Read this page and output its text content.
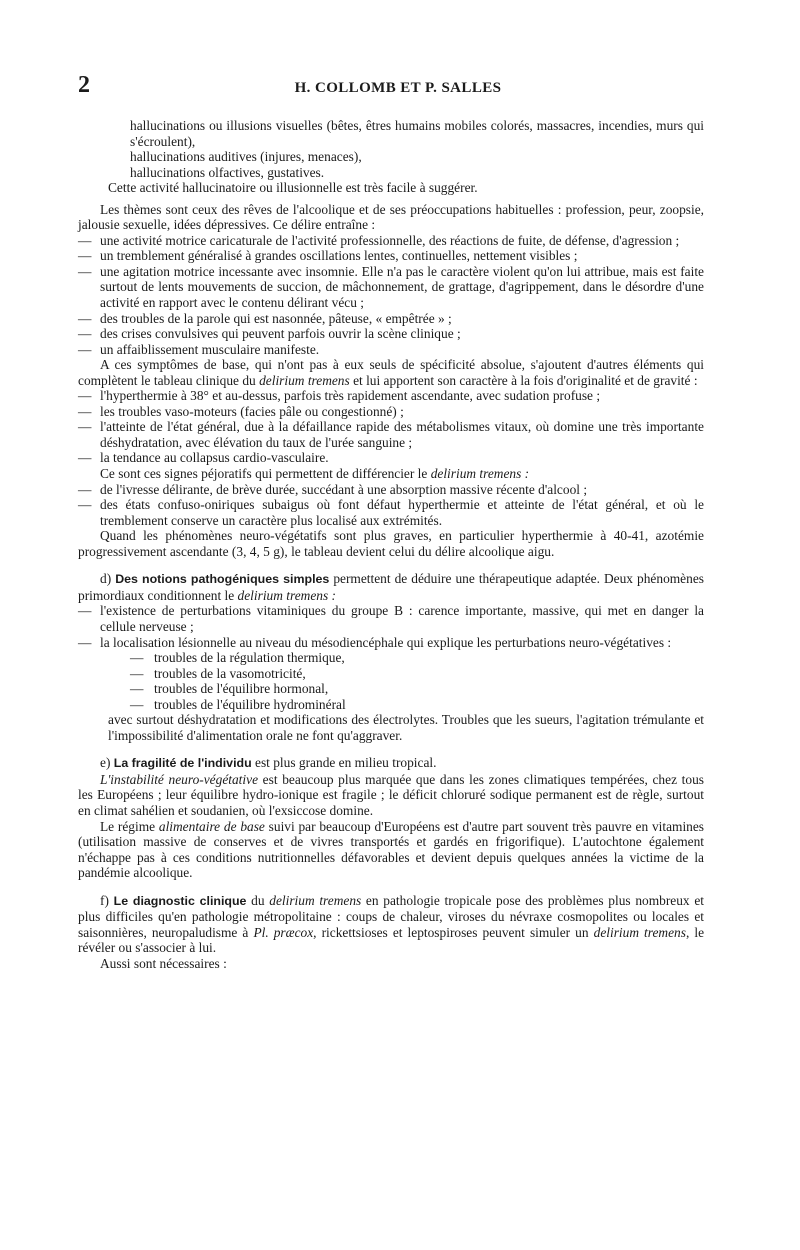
2	H. COLLOMB ET P. SALLES

hallucinations ou illusions visuelles (bêtes, êtres humains mobiles colorés, massacres, incendies, murs qui s'écroulent),

hallucinations auditives (injures, menaces),

hallucinations olfactives, gustatives.

Cette activité hallucinatoire ou illusionnelle est très facile à suggérer.

Les thèmes sont ceux des rêves de l'alcoolique et de ses préoccupations habituelles : profession, peur, zoopsie, jalousie sexuelle, idées dépressives. Ce délire entraîne :

— une activité motrice caricaturale de l'activité professionnelle, des réactions de fuite, de défense, d'agression ;
— un tremblement généralisé à grandes oscillations lentes, continuelles, nettement visibles ;
— une agitation motrice incessante avec insomnie. Elle n'a pas le caractère violent qu'on lui attribue, mais est faite surtout de lents mouvements de succion, de mâchonnement, de grattage, d'agrippement, dans le désordre d'une activité en rapport avec le contenu délirant vécu ;
— des troubles de la parole qui est nasonnée, pâteuse, « empêtrée » ;
— des crises convulsives qui peuvent parfois ouvrir la scène clinique ;
— un affaiblissement musculaire manifeste.

A ces symptômes de base, qui n'ont pas à eux seuls de spécificité absolue, s'ajoutent d'autres éléments qui complètent le tableau clinique du delirium tremens et lui apportent son caractère à la fois d'originalité et de gravité :

— l'hyperthermie à 38° et au-dessus, parfois très rapidement ascendante, avec sudation profuse ;
— les troubles vaso-moteurs (facies pâle ou congestionné) ;
— l'atteinte de l'état général, due à la défaillance rapide des métabolismes vitaux, où domine une très importante déshydratation, avec élévation du taux de l'urée sanguine ;
— la tendance au collapsus cardio-vasculaire.

Ce sont ces signes péjoratifs qui permettent de différencier le delirium tremens :

— de l'ivresse délirante, de brève durée, succédant à une absorption massive récente d'alcool ;
— des états confuso-oniriques subaigus où font défaut hyperthermie et atteinte de l'état général, et où le tremblement conserve un caractère plus localisé aux extrémités.

Quand les phénomènes neuro-végétatifs sont plus graves, en particulier hyperthermie à 40-41, azotémie progressivement ascendante (3, 4, 5 g), le tableau devient celui du délire alcoolique aigu.

d) Des notions pathogéniques simples permettent de déduire une thérapeutique adaptée. Deux phénomènes primordiaux conditionnent le delirium tremens :

— l'existence de perturbations vitaminiques du groupe B : carence importante, massive, qui met en danger la cellule nerveuse ;
— la localisation lésionnelle au niveau du mésodiencéphale qui explique les perturbations neuro-végétatives :
— troubles de la régulation thermique,
— troubles de la vasomotricité,
— troubles de l'équilibre hormonal,
— troubles de l'équilibre hydrominéral

avec surtout déshydratation et modifications des électrolytes. Troubles que les sueurs, l'agitation trémulante et l'impossibilité d'alimentation orale ne font qu'aggraver.

e) La fragilité de l'individu est plus grande en milieu tropical.

L'instabilité neuro-végétative est beaucoup plus marquée que dans les zones climatiques tempérées, chez tous les Européens ; leur équilibre hydro-ionique est fragile ; le déficit chloruré sodique permanent est de règle, surtout en climat sahélien et soudanien, où l'exsiccose domine.

Le régime alimentaire de base suivi par beaucoup d'Européens est d'autre part souvent très pauvre en vitamines (utilisation massive de conserves et de vivres transportés et gardés en frigorifique). L'autochtone également n'échappe pas à ces conditions nutritionnelles défavorables et devient depuis quelques années la victime de la pandémie alcoolique.

f) Le diagnostic clinique du delirium tremens en pathologie tropicale pose des problèmes plus nombreux et plus difficiles qu'en pathologie métropolitaine : coups de chaleur, viroses du névraxe cosmopolites ou locales et saisonnières, neuropaludisme à Pl. præcox, rickettsioses et leptospiroses peuvent simuler un delirium tremens, le révéler ou s'associer à lui.

Aussi sont nécessaires :
